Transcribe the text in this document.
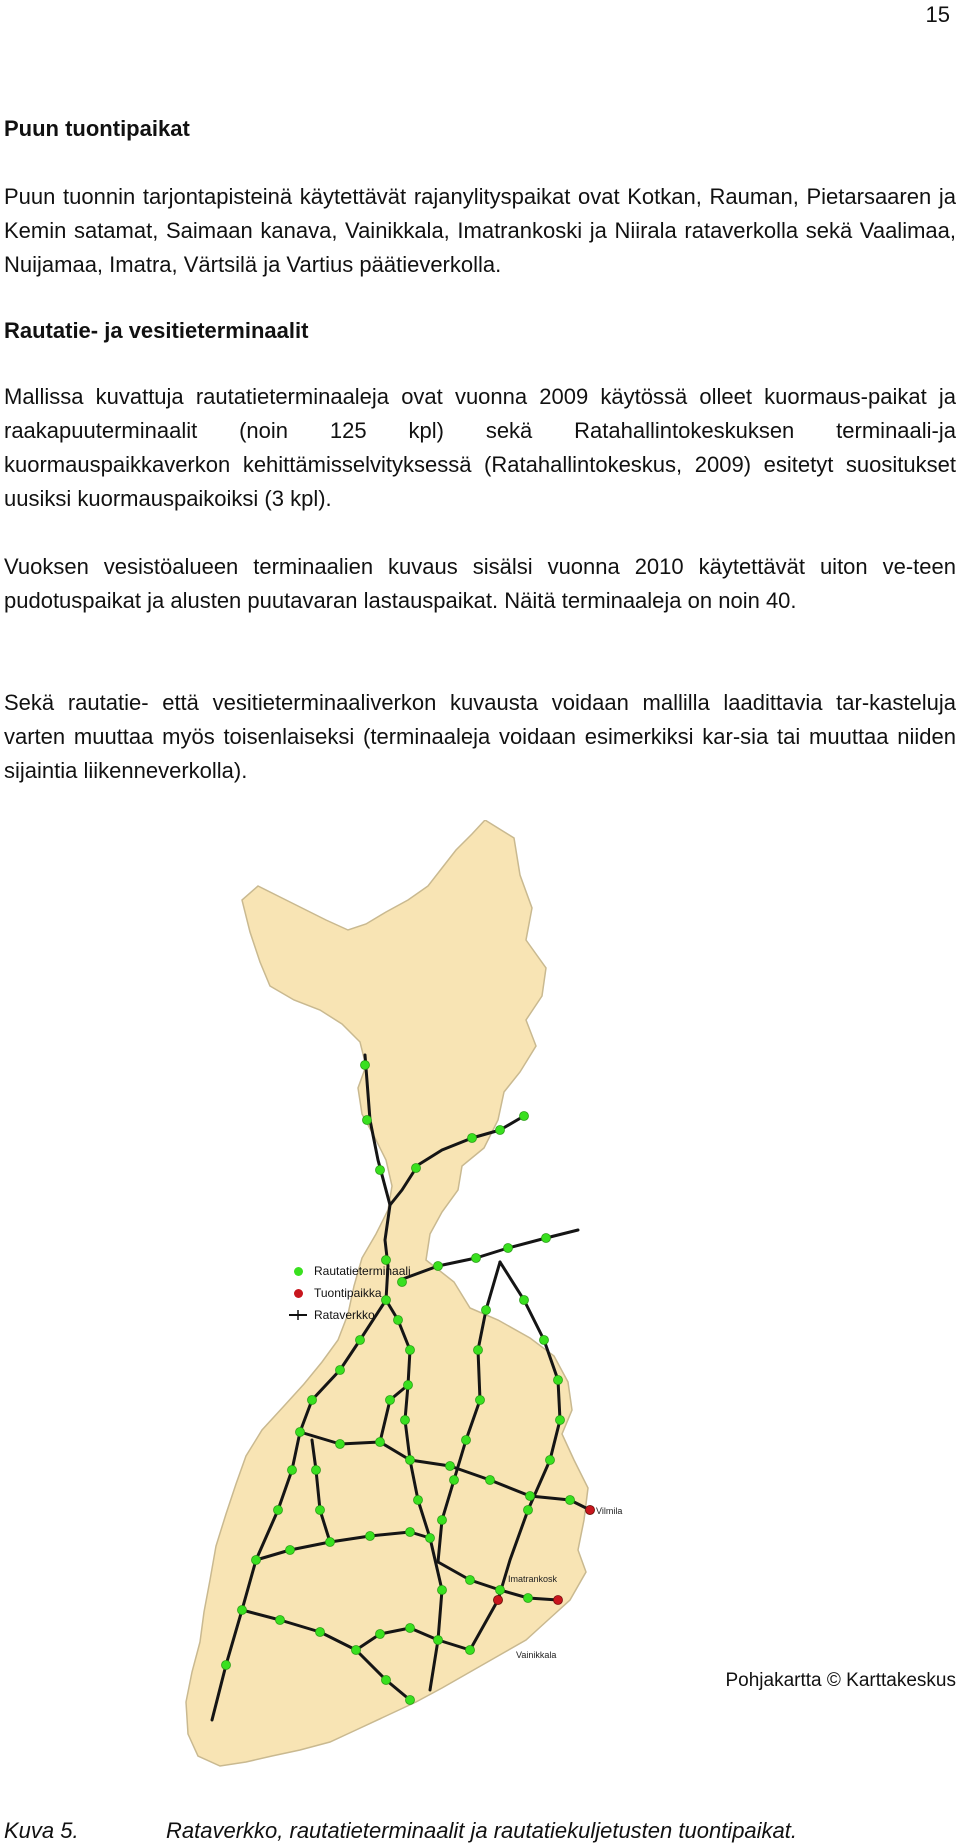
15
Puun tuontipaikat

Puun tuonnin tarjontapisteinä käytettävät rajanylityspaikat ovat Kotkan, Rauman, Pietarsaaren ja Kemin satamat, Saimaan kanava, Vainikkala, Imatrankoski ja Niirala rataverkolla sekä Vaalimaa, Nuijamaa, Imatra, Värtsilä ja Vartius päätieverkolla.

Rautatie- ja vesitieterminaalit

Mallissa kuvattuja rautatieterminaaleja ovat vuonna 2009 käytössä olleet kuormaus-paikat ja raakapuuterminaalit (noin 125 kpl) sekä Ratahallintokeskuksen terminaali-ja kuormauspaikkaverkon kehittämisselvityksessä (Ratahallintokeskus, 2009) esitetyt suositukset uusiksi kuormauspaikoiksi (3 kpl).

Vuoksen vesistöalueen terminaalien kuvaus sisälsi vuonna 2010 käytettävät uiton ve-teen pudotuspaikat ja alusten puutavaran lastauspaikat. Näitä terminaaleja on noin 40.

Sekä rautatie- että vesitieterminaaliverkon kuvausta voidaan mallilla laadittavia tar-kasteluja varten muuttaa myös toisenlaiseksi (terminaaleja voidaan esimerkiksi kar-sia tai muuttaa niiden sijaintia liikenneverkolla).

Vilmila
Imatrankosk
Vainikkala
Rautatieterminaali
Tuontipaikka
Rataverkko
Pohjakartta © Karttakeskus
Kuva 5.	Rataverkko, rautatieterminaalit ja rautatiekuljetusten tuontipaikat.
